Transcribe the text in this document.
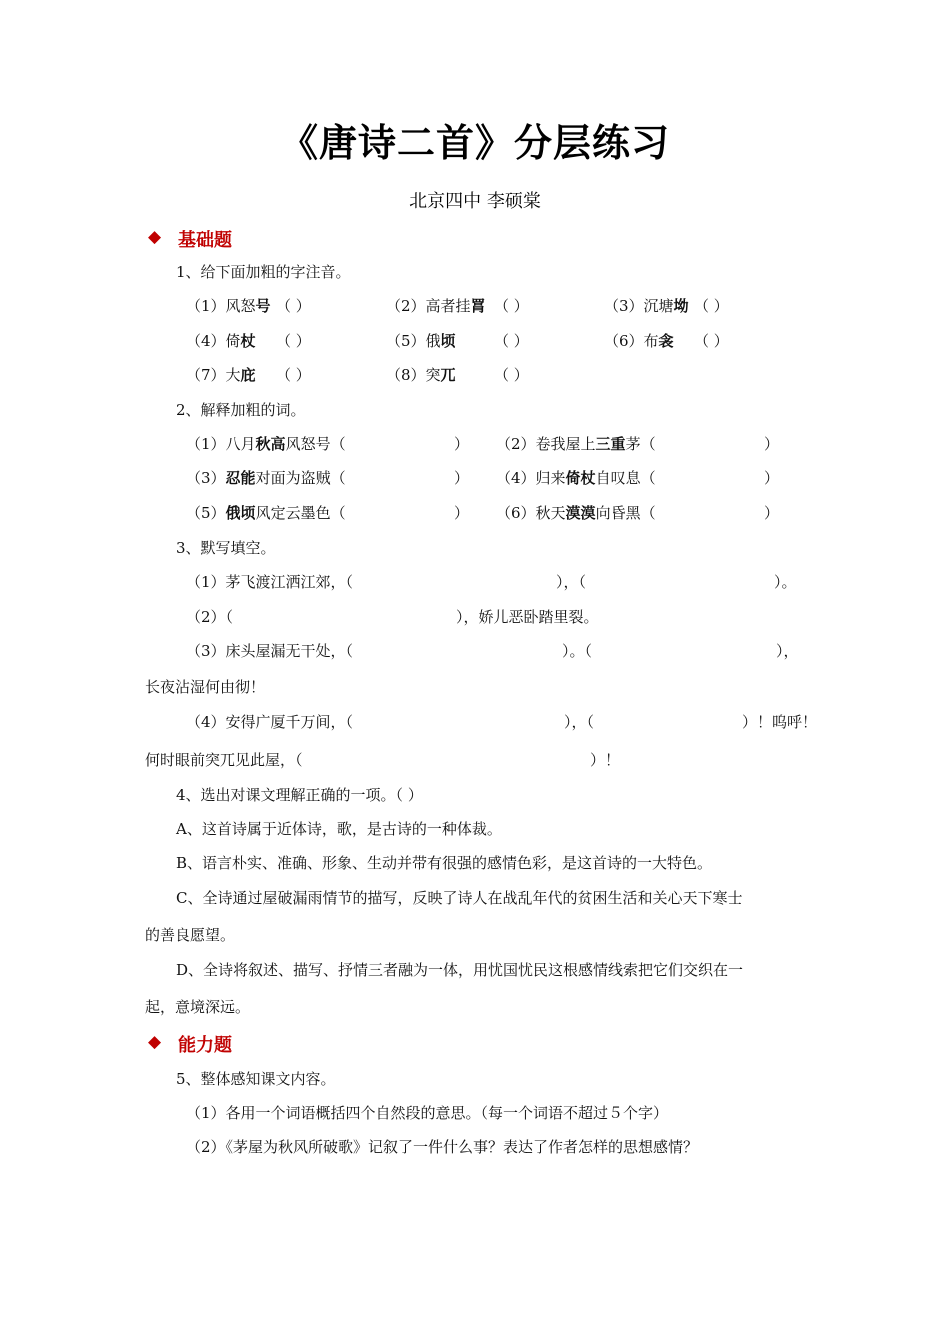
《唐诗二首》分层练习
北京四中 李硕棠
◆ 基础题
1、给下面加粗的字注音。
（1）风怒号 （ ）	（2）高者挂罥 （ ）	（3）沉塘坳 （ ）
（4）倚杖 （ ）	（5）俄顷	（ ）	（6）布衾 （ ）
（7）大庇 （ ）	（8）突兀	（ ）
2、解释加粗的词。
（1）八月秋高风怒号（	） （2）卷我屋上三重茅（	）
（3）忍能对面为盗贼（	） （4）归来倚杖自叹息（	）
（5）俄顷风定云墨色（	） （6）秋天漠漠向昏黑（	）
3、默写填空。
（1）茅飞渡江洒江郊，（	），（	）。
（2）（	），娇儿恶卧踏里裂。
（3）床头屋漏无干处，（	）。（	），
长夜沾湿何由彻！
（4）安得广厦千万间，（	），（	）！呜呼！
何时眼前突兀见此屋，（	）！
4、选出对课文理解正确的一项。（ ）
A、这首诗属于近体诗，歌，是古诗的一种体裁。
B、语言朴实、准确、形象、生动并带有很强的感情色彩，是这首诗的一大特色。
C、全诗通过屋破漏雨情节的描写，反映了诗人在战乱年代的贫困生活和关心天下寒士
的善良愿望。
D、全诗将叙述、描写、抒情三者融为一体，用忧国忧民这根感情线索把它们交织在一
起，意境深远。
◆ 能力题
5、整体感知课文内容。
（1）各用一个词语概括四个自然段的意思。（每一个词语不超过５个字）
（2）《茅屋为秋风所破歌》记叙了一件什么事？表达了作者怎样的思想感情？
